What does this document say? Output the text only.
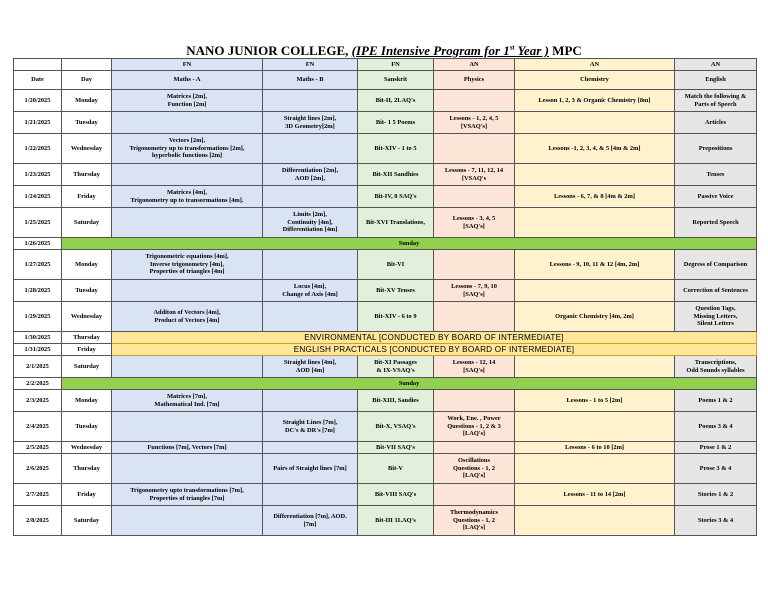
NANO JUNIOR COLLEGE, (IPE Intensive Program for 1st Year ) MPC
		FN	FN	FN	AN	AN	AN
Date	Day	Maths - A	Maths - B	Sanskrit	Physics	Chemistry	English
1/20/2025	Monday	Matrices [2m],
Function [2m]		Bit-II, 2LAQ's		Lesson 1, 2, 3 & Organic Chemistry [8m]	Match the following &
Parts of Speech
1/21/2025	Tuesday		Straight lines [2m],
3D Geometry[2m]	Bit- 1 5 Poems	Lessons - 1, 2, 4, 5
[VSAQ's]		Articles
1/22/2025	Wednesday	Vectors [2m],
Trigonometry up to transformations [2m],
hyperbolic functions [2m]		Bit-XIV - 1 to 5		Lessons -1, 2, 3, 4, & 5 [4m & 2m]	Prepositions
1/23/2025	Thursday		Differentiation [2m],
AOD [2m],	Bit-XII Sandhies	Lessons - 7, 11, 12, 14
[VSAQ's		Tenses
1/24/2025	Friday	Matrices [4m],
Trigonometry up to transormations [4m].		Bit-IV, 8 SAQ's		Lessons - 6, 7, & 8 [4m & 2m]	Passive Voice
1/25/2025	Saturday		Limits [2m],
Continuity [4m],
Differentiation [4m]	Bit-XVI Translations,	Lessons - 3, 4, 5
[SAQ's]		Reported Speech
1/26/2025	Sunday						
1/27/2025	Monday	Trigonometric equations [4m],
Inverse trigonometry [4m],
Properties of triangles [4m]		Bit-VI		Lessons - 9, 10, 11 & 12 [4m, 2m]	Degress of Comparison
1/28/2025	Tuesday		Locus [4m],
Change of Axis [4m]	Bit-XV Tenses	Lessons - 7, 9, 10
[SAQ's]		Correction of Sentences
1/29/2025	Wednesday	Additon of Vectors [4m],
Product of Vectors [4m]		Bit-XIV - 6 to 9		Organic Chemistry [4m, 2m]	Question Tags,
Missing Letters,
Silent Letters
1/30/2025	Thursday	ENVIRONMENTAL [CONDUCTED BY BOARD OF INTERMEDIATE]					
1/31/2025	Friday	ENGLISH PRACTICALS [CONDUCTED BY BOARD OF INTERMEDIATE]					
2/1/2025	Saturday		Straight lines [4m],
AOD [4m]	Bit-XI Passages
& IX-VSAQ's	Lessons - 12, 14
[SAQ's]		Transcriptions,
Odd Sounds syllables
2/2/2025	Sunday						
2/3/2025	Monday	Matrices [7m],
Mathematical Ind. [7m]		Bit-XIII, Sandies		Lessons - 1 to 5 [2m]	Poems 1 & 2
2/4/2025	Tuesday		Straight Lines [7m],
DC's & DR's [7m]	Bit-X, VSAQ's	Work, Ene. , Power
Questions - 1, 2 & 3
[LAQ's]		Poems 3 & 4
2/5/2025	Wednesday	Functions [7m], Vectors [7m]		Bit-VII SAQ's		Lessons - 6 to 10 [2m]	Prose 1 & 2
2/6/2025	Thursday		Pairs of Straight lines [7m]	Bit-V	Oscillations
Questions - 1, 2
[LAQ's]		Prose 3 & 4
2/7/2025	Friday	Trigonometry upto transformations [7m],
Properties of triangles [7m]		Bit-VIII SAQ's		Lessons - 11 to 14 [2m]	Stories 1 & 2
2/8/2025	Saturday		Differentiation [7m], AOD.
[7m]	Bit-III 1LAQ's	Thermodynamics
Questions - 1, 2
[LAQ's]		Stories 3 & 4
